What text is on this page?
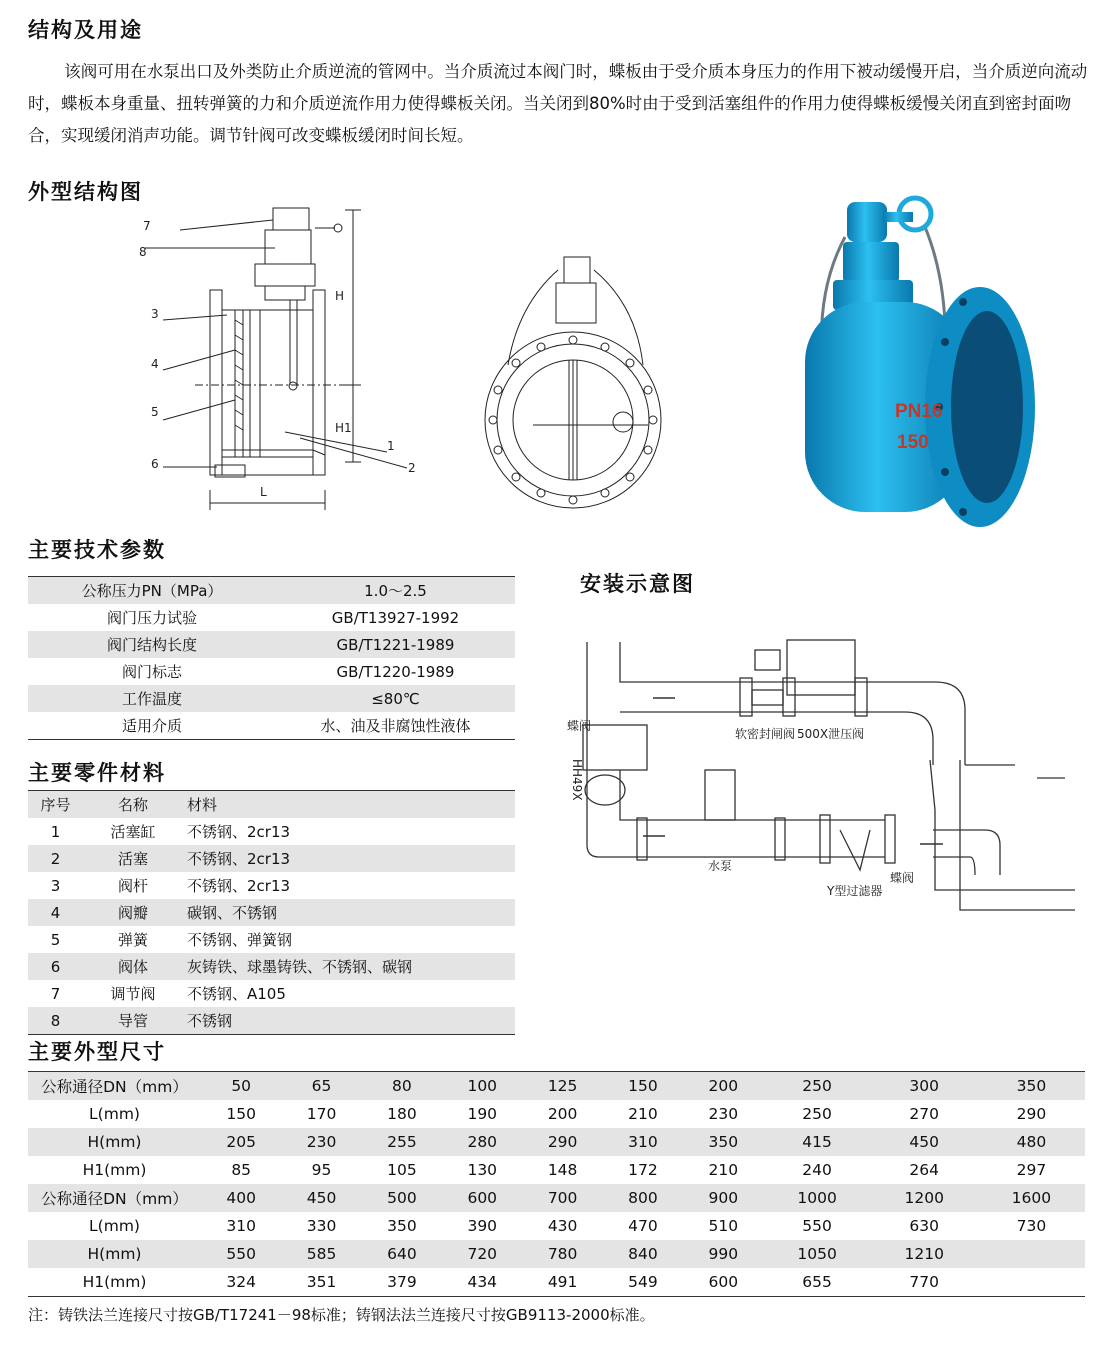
结构及用途

该阀可用在水泵出口及外类防止介质逆流的管网中。当介质流过本阀门时，蝶板由于受介质本身压力的作用下被动缓慢开启，当介质逆向流动时，蝶板本身重量、扭转弹簧的力和介质逆流作用力使得蝶板关闭。当关闭到80%时由于受到活塞组件的作用力使得蝶板缓慢关闭直到密封面吻合，实现缓闭消声功能。调节针阀可改变蝶板缓闭时间长短。

外型结构图
7
8
3
4
5
6
1
2
H
H1
L
PN16
150
主要技术参数
公称压力PN（MPa）	1.0～2.5
阀门压力试验	GB/T13927-1992
阀门结构长度	GB/T1221-1989
阀门标志	GB/T1220-1989
工作温度	≤80℃
适用介质	水、油及非腐蚀性液体
安装示意图
软密封闸阀 500X泄压阀
蝶阀
HH49X
水泵
Y型过滤器
蝶阀
主要零件材料
序号	名称	材料
1	活塞缸	不锈钢、2cr13
2	活塞	不锈钢、2cr13
3	阀杆	不锈钢、2cr13
4	阀瓣	碳钢、不锈钢
5	弹簧	不锈钢、弹簧钢
6	阀体	灰铸铁、球墨铸铁、不锈钢、碳钢
7	调节阀	不锈钢、A105
8	导管	不锈钢
主要外型尺寸
公称通径DN（mm）	50	65	80	100	125	150	200	250	300	350
L(mm)	150	170	180	190	200	210	230	250	270	290
H(mm)	205	230	255	280	290	310	350	415	450	480
H1(mm)	85	95	105	130	148	172	210	240	264	297
公称通径DN（mm）	400	450	500	600	700	800	900	1000	1200	1600
L(mm)	310	330	350	390	430	470	510	550	630	730
H(mm)	550	585	640	720	780	840	990	1050	1210	
H1(mm)	324	351	379	434	491	549	600	655	770	
注：铸铁法兰连接尺寸按GB/T17241－98标准；铸钢法法兰连接尺寸按GB9113-2000标准。
